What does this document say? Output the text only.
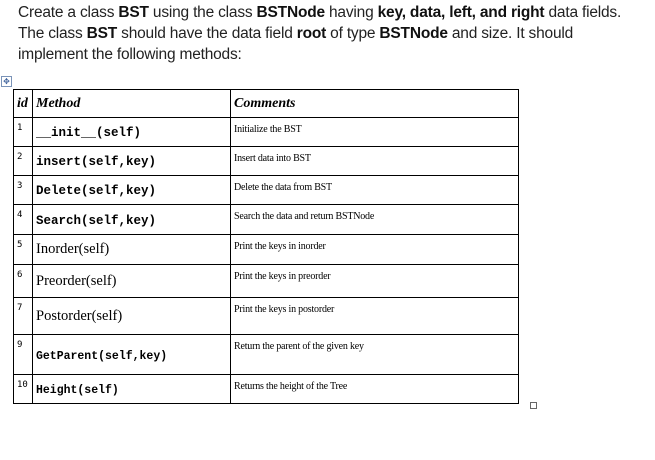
Create a class BST using the class BSTNode having key, data, left, and right data fields. The class BST should have the data field root of type BSTNode and size. It should implement the following methods:
✥
id	Method	Comments
1	__init__(self)	Initialize the BST
2	insert(self,key)	Insert data into BST
3	Delete(self,key)	Delete the data from BST
4	Search(self,key)	Search the data and return BSTNode
5	Inorder(self)	Print the keys in inorder
6	Preorder(self)	Print the keys in preorder
7	Postorder(self)	Print the keys in postorder
9	GetParent(self,key)	Return the parent of the given key
10	Height(self)	Returns the height of the Tree
